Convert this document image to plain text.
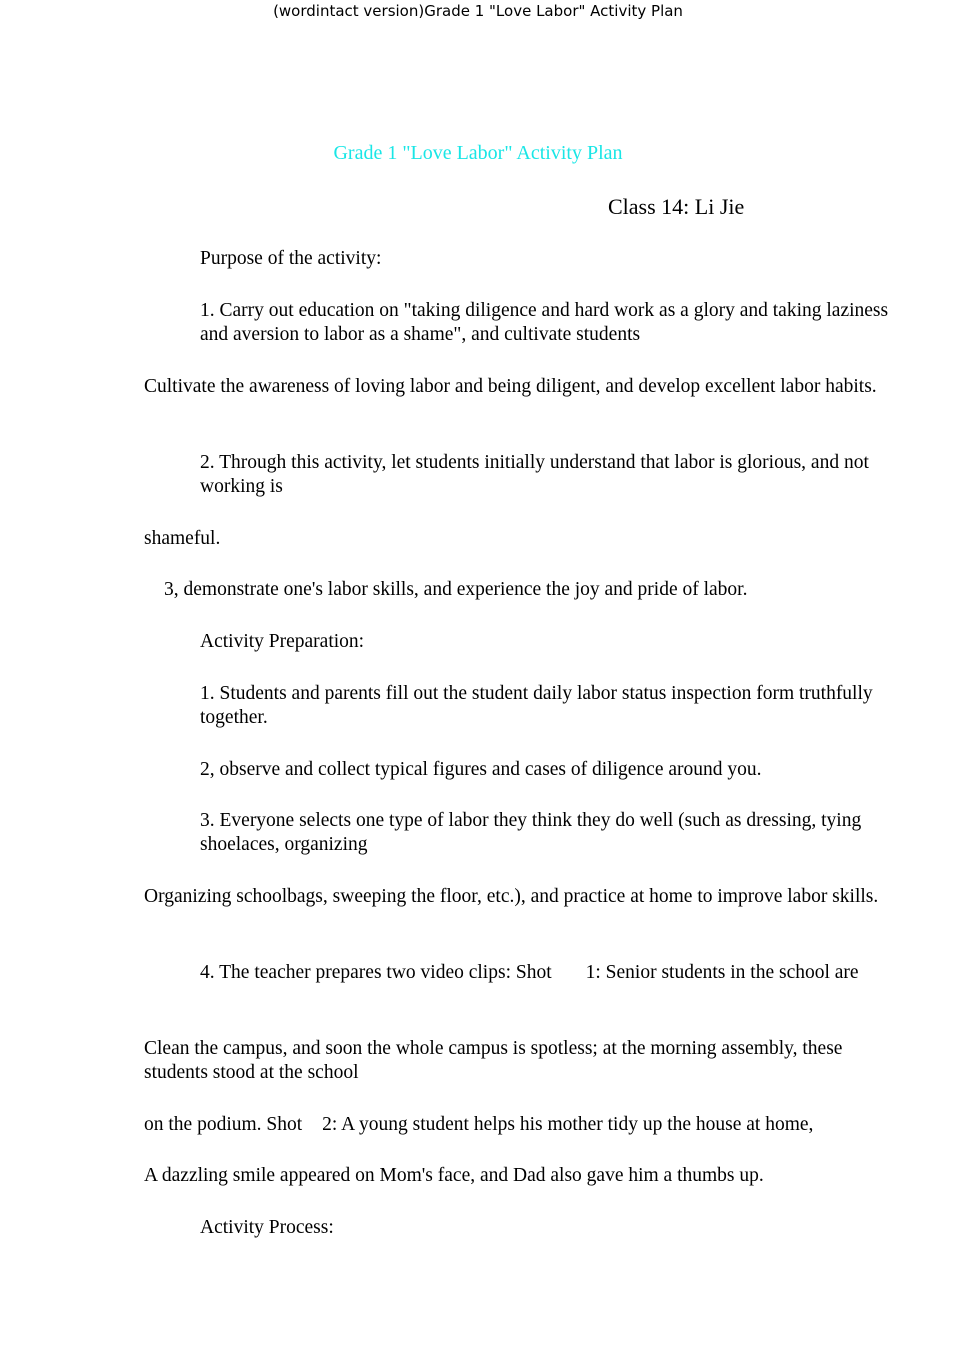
(wordintact version)Grade 1 "Love Labor" Activity Plan
Grade 1 "Love Labor" Activity Plan
Class 14: Li Jie

Purpose of the activity:

1. Carry out education on "taking diligence and hard work as a glory and taking laziness and aversion to labor as a shame", and cultivate students

Cultivate the awareness of loving labor and being diligent, and develop excellent labor habits.

2. Through this activity, let students initially understand that labor is glorious, and not working is

shameful.

3, demonstrate one's labor skills, and experience the joy and pride of labor.

Activity Preparation:

1. Students and parents fill out the student daily labor status inspection form truthfully together.

2, observe and collect typical figures and cases of diligence around you.

3. Everyone selects one type of labor they think they do well (such as dressing, tying shoelaces, organizing

Organizing schoolbags, sweeping the floor, etc.), and practice at home to improve labor skills.

4. The teacher prepares two video clips: Shot 1: Senior students in the school are

Clean the campus, and soon the whole campus is spotless; at the morning assembly, these students stood at the school

on the podium. Shot 2: A young student helps his mother tidy up the house at home,

A dazzling smile appeared on Mom's face, and Dad also gave him a thumbs up.

Activity Process:
